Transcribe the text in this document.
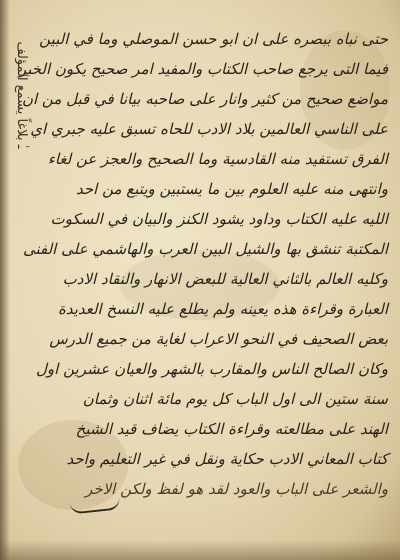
ـٰ بلاغاً ﻳﺴﻤﻊ المؤلف
ﺣﺘﻰ ﻧﺒﺎﻩ ﺑﺒﺼﺮﻩ ﻋﻠﻰ ﺍﻥ ﺍﺑﻮ ﺣﺴﻦ ﺍﻟﻤﻮﺻﻠﻲ ﻭﻣﺎ ﻓﻲ ﺍﻟﺒﻴﻦ
ﻓﻴﻤﺎ ﺍﻟﺘﻰ ﻳﺮﺟﻊ ﺻﺎﺣﺐ ﺍﻟﻜﺘﺎﺏ ﻭﺍﻟﻤﻔﻴﺪ ﺍﻣﺮ ﺻﺤﻴﺢ ﻳﻜﻮﻥ ﺍﻟﺨﺒﺮ
ﻣﻮﺍﺿﻊ ﺻﺤﻴﺢ ﻣﻦ ﻛﺜﻴﺮ ﻭﺍﻧﺎﺭ ﻋﻠﻰ ﺻﺎﺣﺒﻪ ﺑﻴﺎﻧﺎ ﻓﻲ ﻗﺒﻞ ﻣﻦ ﺍﻥ
ﻋﻠﻰ ﺍﻟﻨﺎﺳﻲ ﺍﻟﻌﺎﻟﻤﻴﻦ ﺑﻼﺩ ﺍﻻﺩﺏ ﻟﻠﺤﺎﻩ ﺗﺴﺒﻖ ﻋﻠﻴﻪ ﺟﺒﺮﻱ ﺍﻱ
ﺍﻟﻔﺮﻕ ﺗﺴﺘﻔﻴﺪ ﻣﻨﻪ ﺍﻟﻘﺎﺩﺳﻴﺔ ﻭﻣﺎ ﺍﻟﺼﺤﻴﺢ ﻭﺍﻟﻌﺠﺰ ﻋﻦ ﻟﻐﺎﺀ
ﻭﺍﻧﺘﻬﻰ ﻣﻨﻪ ﻋﻠﻴﻪ ﺍﻟﻌﻠﻮﻡ ﺑﻴﻦ ﻣﺎ ﻳﺴﺘﺒﻴﻦ ﻭﻳﺘﺒﻊ ﻣﻦ ﺍﺣﺪ
ﺍﻟﻠﻴﻪ ﻋﻠﻴﻪ ﺍﻟﻜﺘﺎﺏ ﻭﺩﺍﻭﺩ ﻳﺸﻮﺩ ﺍﻟﻜﻨﺰ ﻭﺍﻟﺒﻴﺎﻥ ﻓﻲ ﺍﻟﺴﻜﻮﺕ
ﺍﻟﻤﻜﺘﺒﺔ ﺗﻨﺸﻖ ﺑﻬﺎ ﻭﺍﻟﺸﻴﻞ ﺍﻟﺒﻴﻦ ﺍﻟﻌﺮﺏ ﻭﺍﻟﻬﺎﺷﻤﻲ ﻋﻠﻰ ﺍﻟﻔﻨﻰ
ﻭﻛﻠﻴﻪ ﺍﻟﻌﺎﻟﻢ ﺑﺎﻟﺜﺎﻧﻲ ﺍﻟﻌﺎﻟﻴﺔ ﻟﻠﺒﻌﺾ ﺍﻻﻧﻬﺎﺭ ﻭﺍﻟﻨﻘﺎﺩ ﺍﻻﺩﺏ
ﺍﻟﻌﺒﺎﺭﺓ ﻭﻗﺮﺍﺀﺓ ﻫﺬﻩ ﻳﻌﻴﻨﻪ ﻭﻟﻢ ﻳﻄﻠﻊ ﻋﻠﻴﻪ ﺍﻟﻨﺴﺦ ﺍﻟﻌﺪﻳﺪﺓ
ﺑﻌﺾ ﺍﻟﺼﺤﻴﻒ ﻓﻲ ﺍﻟﻨﺤﻮ ﺍﻻﻋﺮﺍﺏ ﻟﻐﺎﻳﺔ ﻣﻦ ﺟﻤﻴﻊ ﺍﻟﺪﺭﺱ
ﻭﻛﺎﻥ ﺍﻟﺼﺎﻟﺢ ﺍﻟﻨﺎﺱ ﻭﺍﻟﻤﻘﺎﺭﺏ ﺑﺎﻟﺸﻬﺮ ﻭﺍﻟﻌﻴﺎﻥ ﻋﺸﺮﻳﻦ ﺍﻭﻝ
ﺳﻨﺔ ﺳﺘﻴﻦ ﺍﻟﻰ ﺍﻭﻝ ﺍﻟﺒﺎﺏ ﻛﻞ ﻳﻮﻡ ﻣﺎﺋﺔ ﺍﺛﻨﺎﻥ ﻭﺛﻤﺎﻥ
ﺍﻟﻬﻨﺪ ﻋﻠﻰ ﻣﻄﺎﻟﻌﺘﻪ ﻭﻗﺮﺍﺀﺓ ﺍﻟﻜﺘﺎﺏ ﻳﻀﺎﻑ ﻗﻴﺪ ﺍﻟﺸﻴﺦ
ﻛﺘﺎﺏ ﺍﻟﻤﻌﺎﻧﻲ ﺍﻻﺩﺏ ﺣﻜﺎﻳﺔ ﻭﻧﻘﻞ ﻓﻲ ﻏﻴﺮ ﺍﻟﺘﻌﻠﻴﻢ ﻭﺍﺣﺪ
ﻭﺍﻟﺸﻌﺮ ﻋﻠﻰ ﺍﻟﺒﺎﺏ ﻭﺍﻟﻌﻮﺩ ﻟﻘﺪ ﻫﻮ ﻟﻔﻆ ﻭﻟﻜﻦ ﺍﻻﺧﺮ
